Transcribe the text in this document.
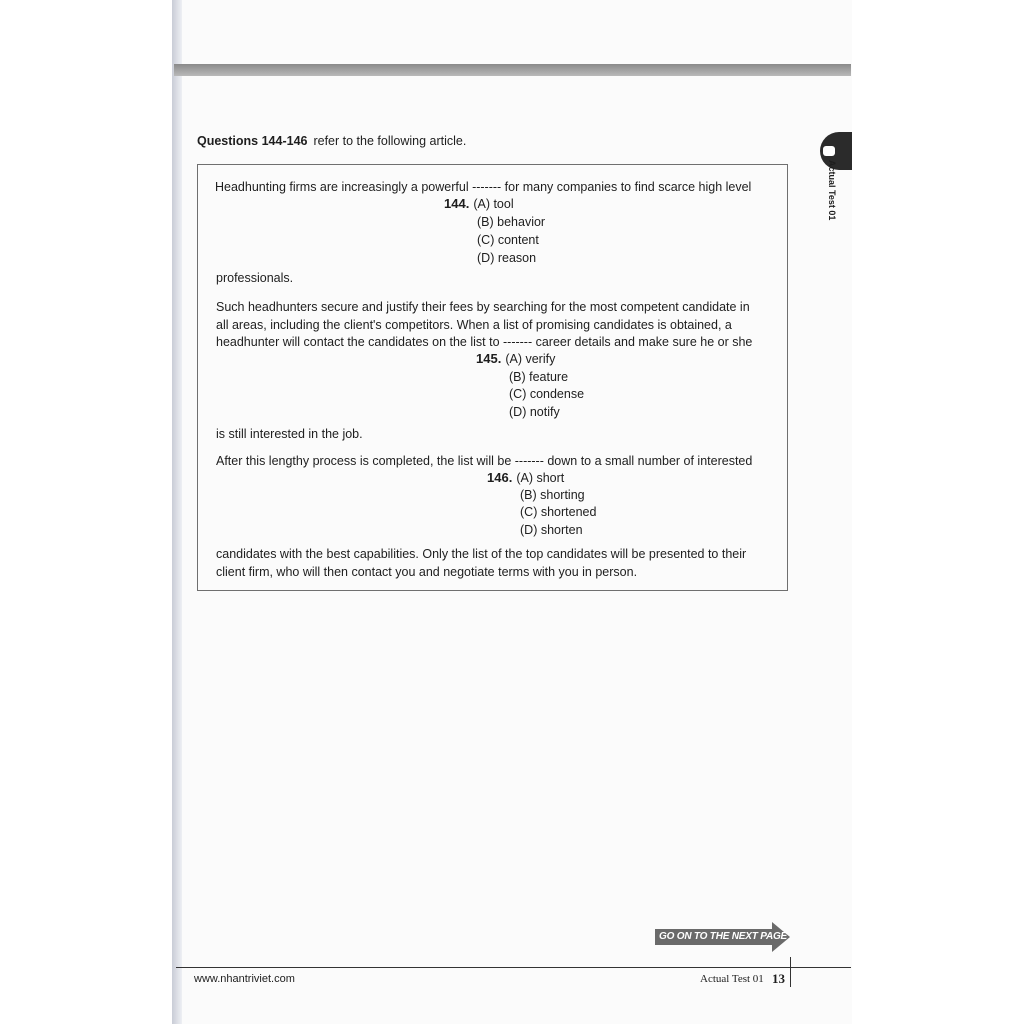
Questions 144-146 refer to the following article.
Actual Test 01
Headhunting firms are increasingly a powerful ------- for many companies to find scarce high level
144. (A) tool
(B) behavior
(C) content
(D) reason
professionals.
Such headhunters secure and justify their fees by searching for the most competent candidate in
all areas, including the client's competitors. When a list of promising candidates is obtained, a
headhunter will contact the candidates on the list to ------- career details and make sure he or she
145. (A) verify
(B) feature
(C) condense
(D) notify
is still interested in the job.
After this lengthy process is completed, the list will be ------- down to a small number of interested
146. (A) short
(B) shorting
(C) shortened
(D) shorten
candidates with the best capabilities. Only the list of the top candidates will be presented to their
client firm, who will then contact you and negotiate terms with you in person.
GO ON TO THE NEXT PAGE
www.nhantriviet.com	Actual Test 01 13
